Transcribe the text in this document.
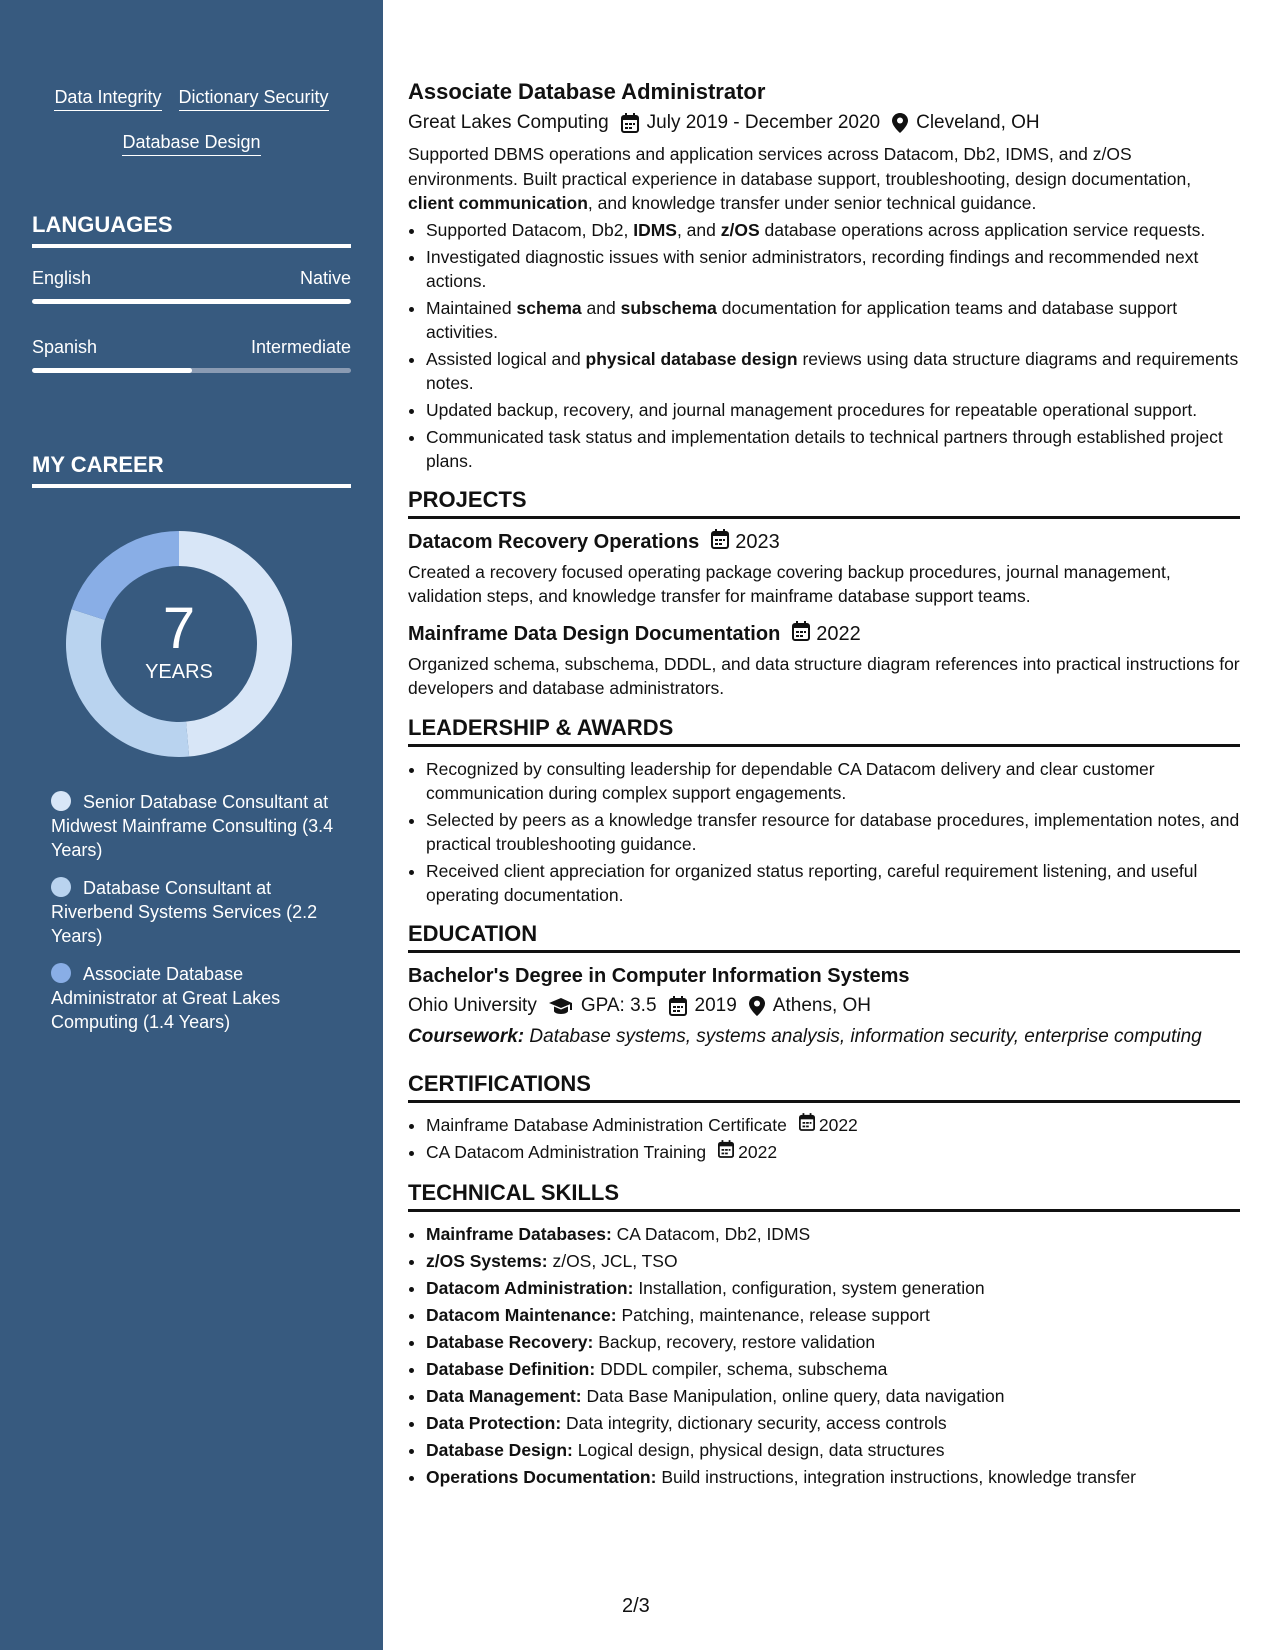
Data Integrity Dictionary Security
Database Design
LANGUAGES
English	Native
Spanish	Intermediate
MY CAREER
7
YEARS
Senior Database Consultant at Midwest Mainframe Consulting (3.4 Years)
Database Consultant at Riverbend Systems Services (2.2 Years)
Associate Database Administrator at Great Lakes Computing (1.4 Years)
Associate Database Administrator
Great Lakes Computing July 2019 - December 2020 Cleveland, OH
Supported DBMS operations and application services across Datacom, Db2, IDMS, and z/OS environments. Built practical experience in database support, troubleshooting, design documentation, client communication, and knowledge transfer under senior technical guidance.
• Supported Datacom, Db2, IDMS, and z/OS database operations across application service requests.
• Investigated diagnostic issues with senior administrators, recording findings and recommended next actions.
• Maintained schema and subschema documentation for application teams and database support activities.
• Assisted logical and physical database design reviews using data structure diagrams and requirements notes.
• Updated backup, recovery, and journal management procedures for repeatable operational support.
• Communicated task status and implementation details to technical partners through established project plans.
PROJECTS
Datacom Recovery Operations 2023
Created a recovery focused operating package covering backup procedures, journal management, validation steps, and knowledge transfer for mainframe database support teams.
Mainframe Data Design Documentation 2022
Organized schema, subschema, DDDL, and data structure diagram references into practical instructions for developers and database administrators.
LEADERSHIP & AWARDS
• Recognized by consulting leadership for dependable CA Datacom delivery and clear customer communication during complex support engagements.
• Selected by peers as a knowledge transfer resource for database procedures, implementation notes, and practical troubleshooting guidance.
• Received client appreciation for organized status reporting, careful requirement listening, and useful operating documentation.
EDUCATION
Bachelor's Degree in Computer Information Systems
Ohio University GPA: 3.5 2019 Athens, OH
Coursework: Database systems, systems analysis, information security, enterprise computing
CERTIFICATIONS
• Mainframe Database Administration Certificate 2022
• CA Datacom Administration Training 2022
TECHNICAL SKILLS
• Mainframe Databases: CA Datacom, Db2, IDMS
• z/OS Systems: z/OS, JCL, TSO
• Datacom Administration: Installation, configuration, system generation
• Datacom Maintenance: Patching, maintenance, release support
• Database Recovery: Backup, recovery, restore validation
• Database Definition: DDDL compiler, schema, subschema
• Data Management: Data Base Manipulation, online query, data navigation
• Data Protection: Data integrity, dictionary security, access controls
• Database Design: Logical design, physical design, data structures
• Operations Documentation: Build instructions, integration instructions, knowledge transfer
2/3
